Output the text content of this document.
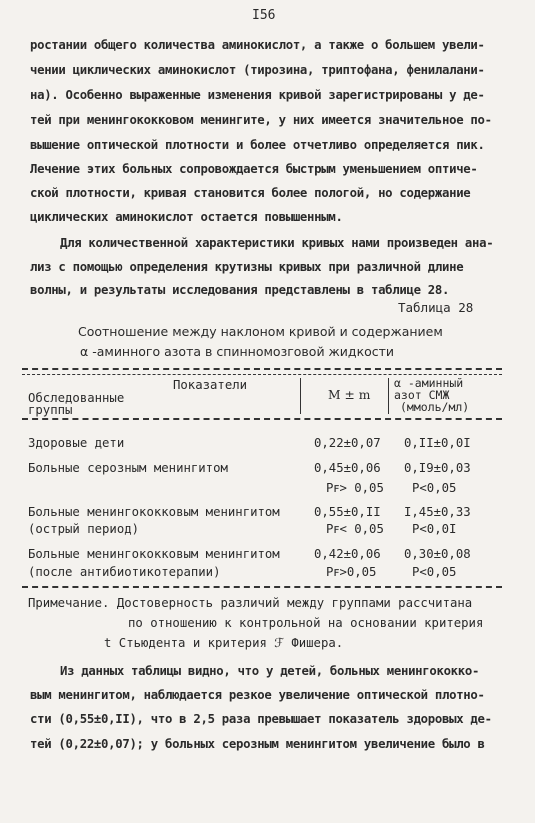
I56
ростании общего количества аминокислот, а также о большем увели-
чении циклических аминокислот (тирозина, триптофана, фенилалани-
на). Особенно выраженные изменения кривой зарегистрированы у де-
тей при менингококковом менингите, у них имеется значительное по-
вышение оптической плотности и более отчетливо определяется пик.
Лечение этих больных сопровождается быстрым уменьшением оптиче-
ской плотности, кривая становится более пологой, но содержание
циклических аминокислот остается повышенным.
Для количественной характеристики кривых нами произведен ана-
лиз с помощью определения крутизны кривых при различной длине
волны, и результаты исследования представлены в таблице 28.
Таблица 28
Соотношение между наклоном кривой и содержанием
α -аминного азота в спинномозговой жидкости
Показатели
Обследованные
группы
M ± m
α -аминный
азот СМЖ
(ммоль/мл)
Здоровые дети	0,22±0,07 0,II±0,0I
Больные серозным менингитом	0,45±0,06
Pꜰ> 0,05
0,I9±0,03
P<0,05
Больные менингококковым менингитом
(острый период)
0,55±0,II
Pꜰ< 0,05
I,45±0,33
P<0,0I
Больные менингококковым менингитом
(после антибиотикотерапии)
0,42±0,06
Pꜰ>0,05
0,30±0,08
P<0,05
Примечание. Достоверность различий между группами рассчитана
по отношению к контрольной на основании критерия
t Стьюдента и критерия ℱ Фишера.
Из данных таблицы видно, что у детей, больных менингококко-
вым менингитом, наблюдается резкое увеличение оптической плотно-
сти (0,55±0,II), что в 2,5 раза превышает показатель здоровых де-
тей (0,22±0,07); у больных серозным менингитом увеличение было в
